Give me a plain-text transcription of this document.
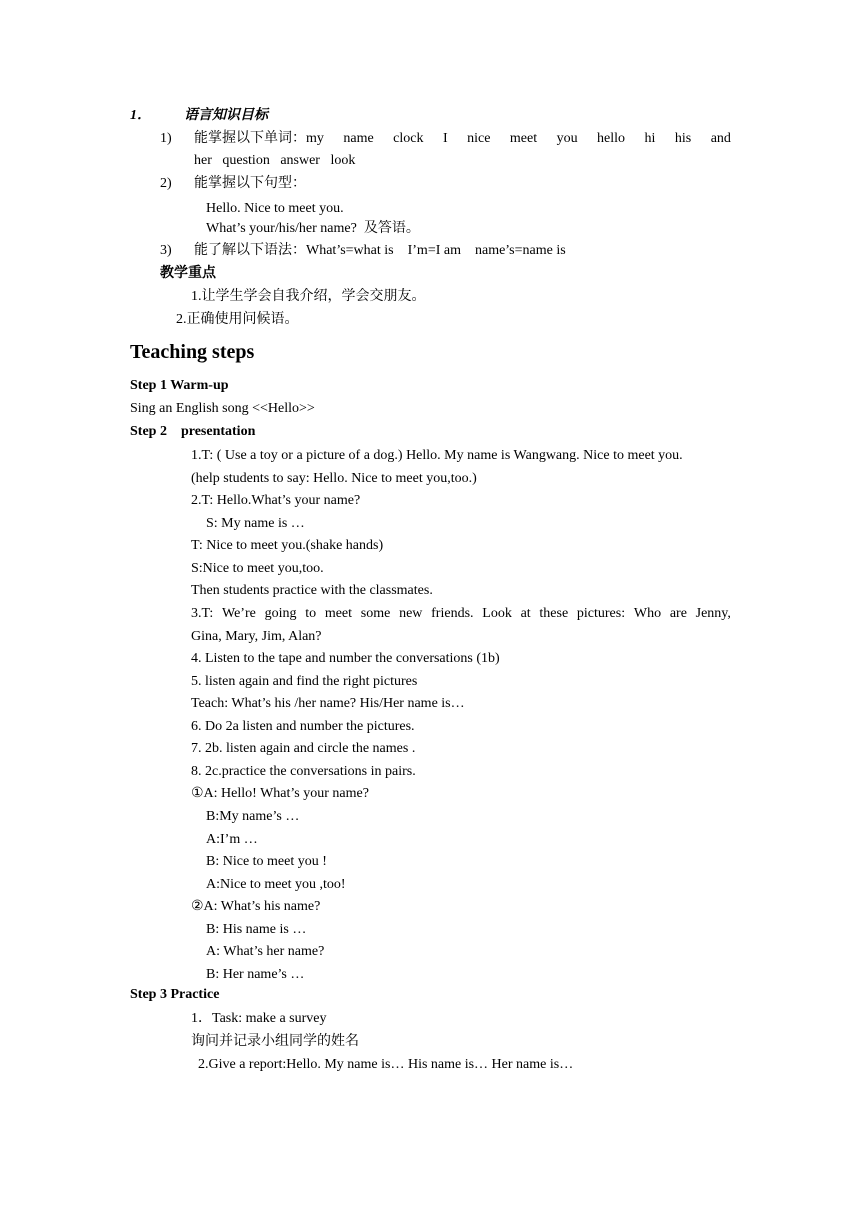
1． 语言知识目标
1) 能掌握以下单词：my name clock I nice meet you hello hi his and
her   question   answer   look
2) 能掌握以下句型：
Hello. Nice to meet you.
What’s your/his/her name?  及答语。
3) 能了解以下语法：What’s=what is    I’m=I am    name’s=name is
教学重点
1.让学生学会自我介绍，学会交朋友。
2.正确使用问候语。
Teaching steps
Step 1 Warm-up
Sing an English song <<Hello>>
Step 2    presentation
1.T: ( Use a toy or a picture of a dog.) Hello. My name is Wangwang. Nice to meet you.
(help students to say: Hello. Nice to meet you,too.)
2.T: Hello.What’s your name?
S: My name is …
T: Nice to meet you.(shake hands)
S:Nice to meet you,too.
Then students practice with the classmates.
3.T: We’re going to meet some new friends. Look at these pictures: Who are Jenny,
Gina, Mary, Jim, Alan?
4. Listen to the tape and number the conversations (1b)
5. listen again and find the right pictures
Teach: What’s his /her name? His/Her name is…
6. Do 2a listen and number the pictures.
7. 2b. listen again and circle the names .
8. 2c.practice the conversations in pairs.
①A: Hello! What’s your name?
B:My name’s …
A:I’m …
B: Nice to meet you !
A:Nice to meet you ,too!
②A: What’s his name?
B: His name is …
A: What’s her name?
B: Her name’s …
Step 3 Practice
1．Task: make a survey
询问并记录小组同学的姓名
2.Give a report:Hello. My name is… His name is… Her name is…
